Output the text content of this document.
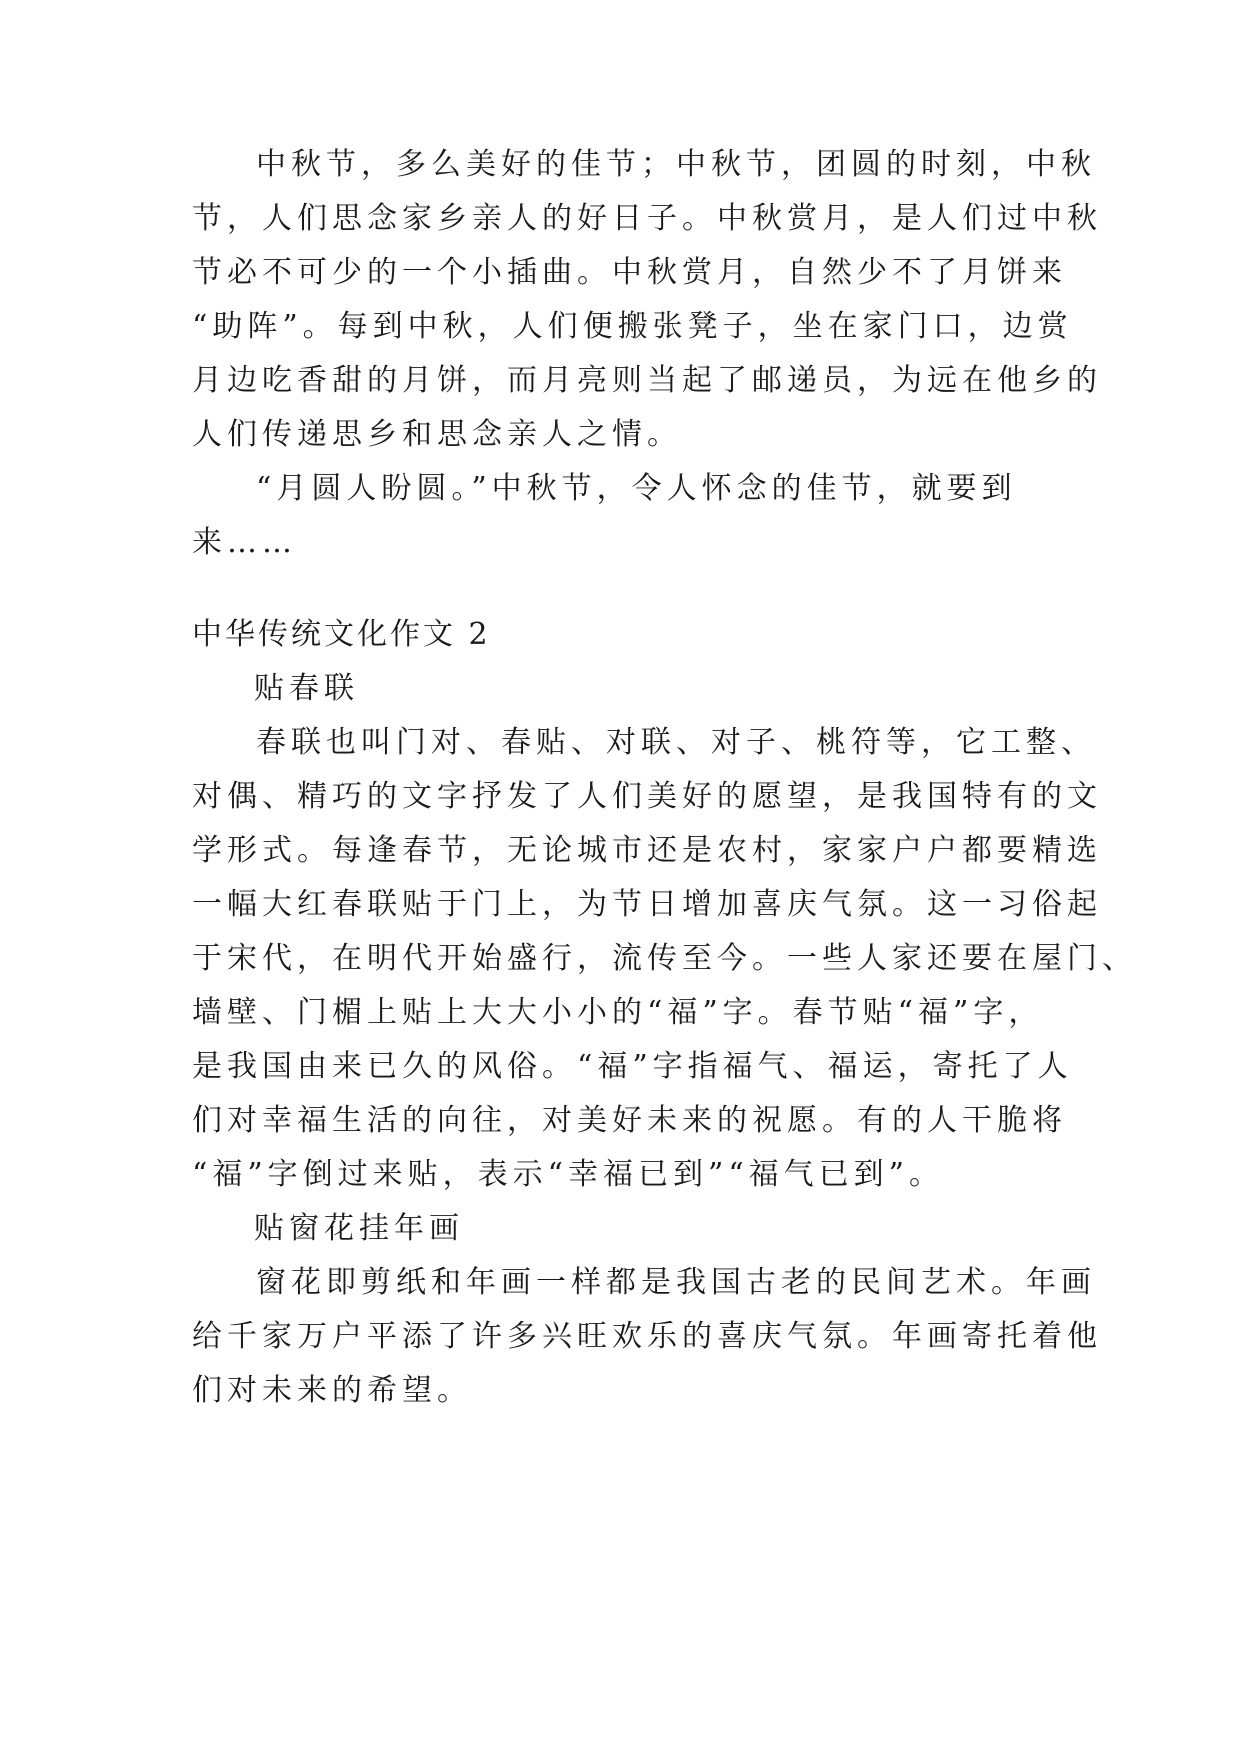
中秋节，多么美好的佳节；中秋节，团圆的时刻，中秋
节，人们思念家乡亲人的好日子。中秋赏月，是人们过中秋
节必不可少的一个小插曲。中秋赏月，自然少不了月饼来
“助阵”。每到中秋，人们便搬张凳子，坐在家门口，边赏
月边吃香甜的月饼，而月亮则当起了邮递员，为远在他乡的
人们传递思乡和思念亲人之情。
“月圆人盼圆。”中秋节，令人怀念的佳节，就要到
来……
中华传统文化作文 2
贴春联
春联也叫门对、春贴、对联、对子、桃符等，它工整、
对偶、精巧的文字抒发了人们美好的愿望，是我国特有的文
学形式。每逢春节，无论城市还是农村，家家户户都要精选
一幅大红春联贴于门上，为节日增加喜庆气氛。这一习俗起
于宋代，在明代开始盛行，流传至今。一些人家还要在屋门、
墙壁、门楣上贴上大大小小的“福”字。春节贴“福”字，
是我国由来已久的风俗。“福”字指福气、福运，寄托了人
们对幸福生活的向往，对美好未来的祝愿。有的人干脆将
“福”字倒过来贴，表示“幸福已到”“福气已到”。
贴窗花挂年画
窗花即剪纸和年画一样都是我国古老的民间艺术。年画
给千家万户平添了许多兴旺欢乐的喜庆气氛。年画寄托着他
们对未来的希望。
